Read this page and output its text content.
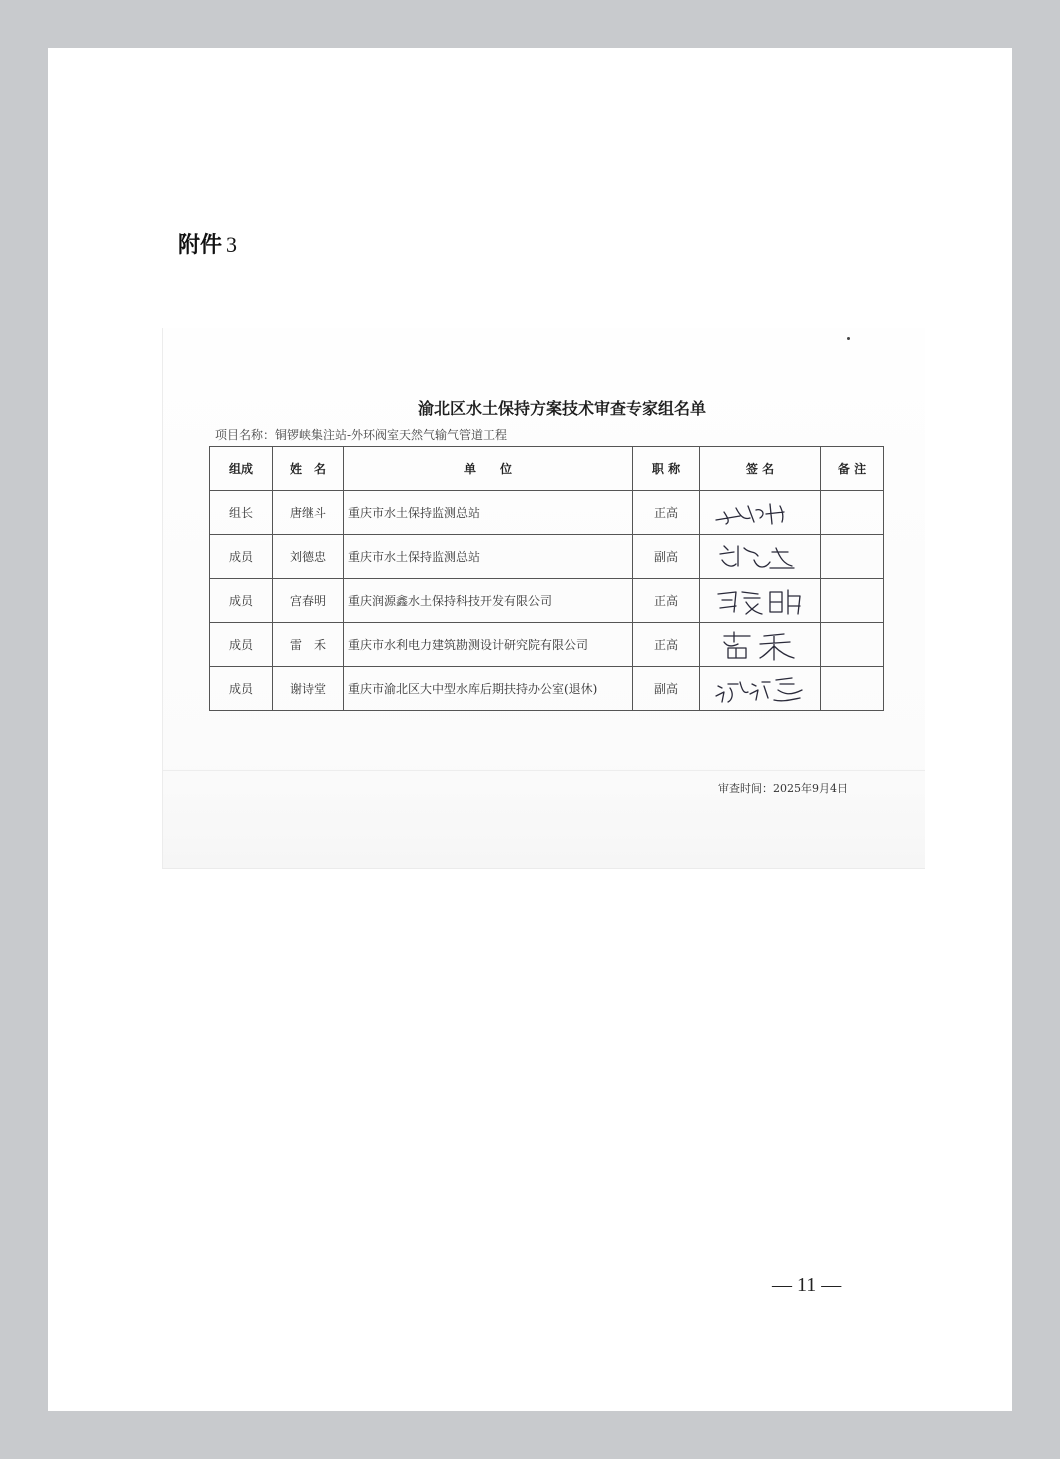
附件 3
渝北区水土保持方案技术审查专家组名单
项目名称：铜锣峡集注站-外环阀室天然气输气管道工程
组成	姓　名	单　　位	职 称	签 名	备 注
组长	唐继斗	重庆市水土保持监测总站	正高	

成员	刘德忠	重庆市水土保持监测总站	副高	

成员	宫春明	重庆润源鑫水土保持科技开发有限公司	正高	

成员	雷　禾	重庆市水利电力建筑勘测设计研究院有限公司	正高	

成员	谢诗堂	重庆市渝北区大中型水库后期扶持办公室(退休)	副高	

审查时间：2025年9月4日
— 11 —
